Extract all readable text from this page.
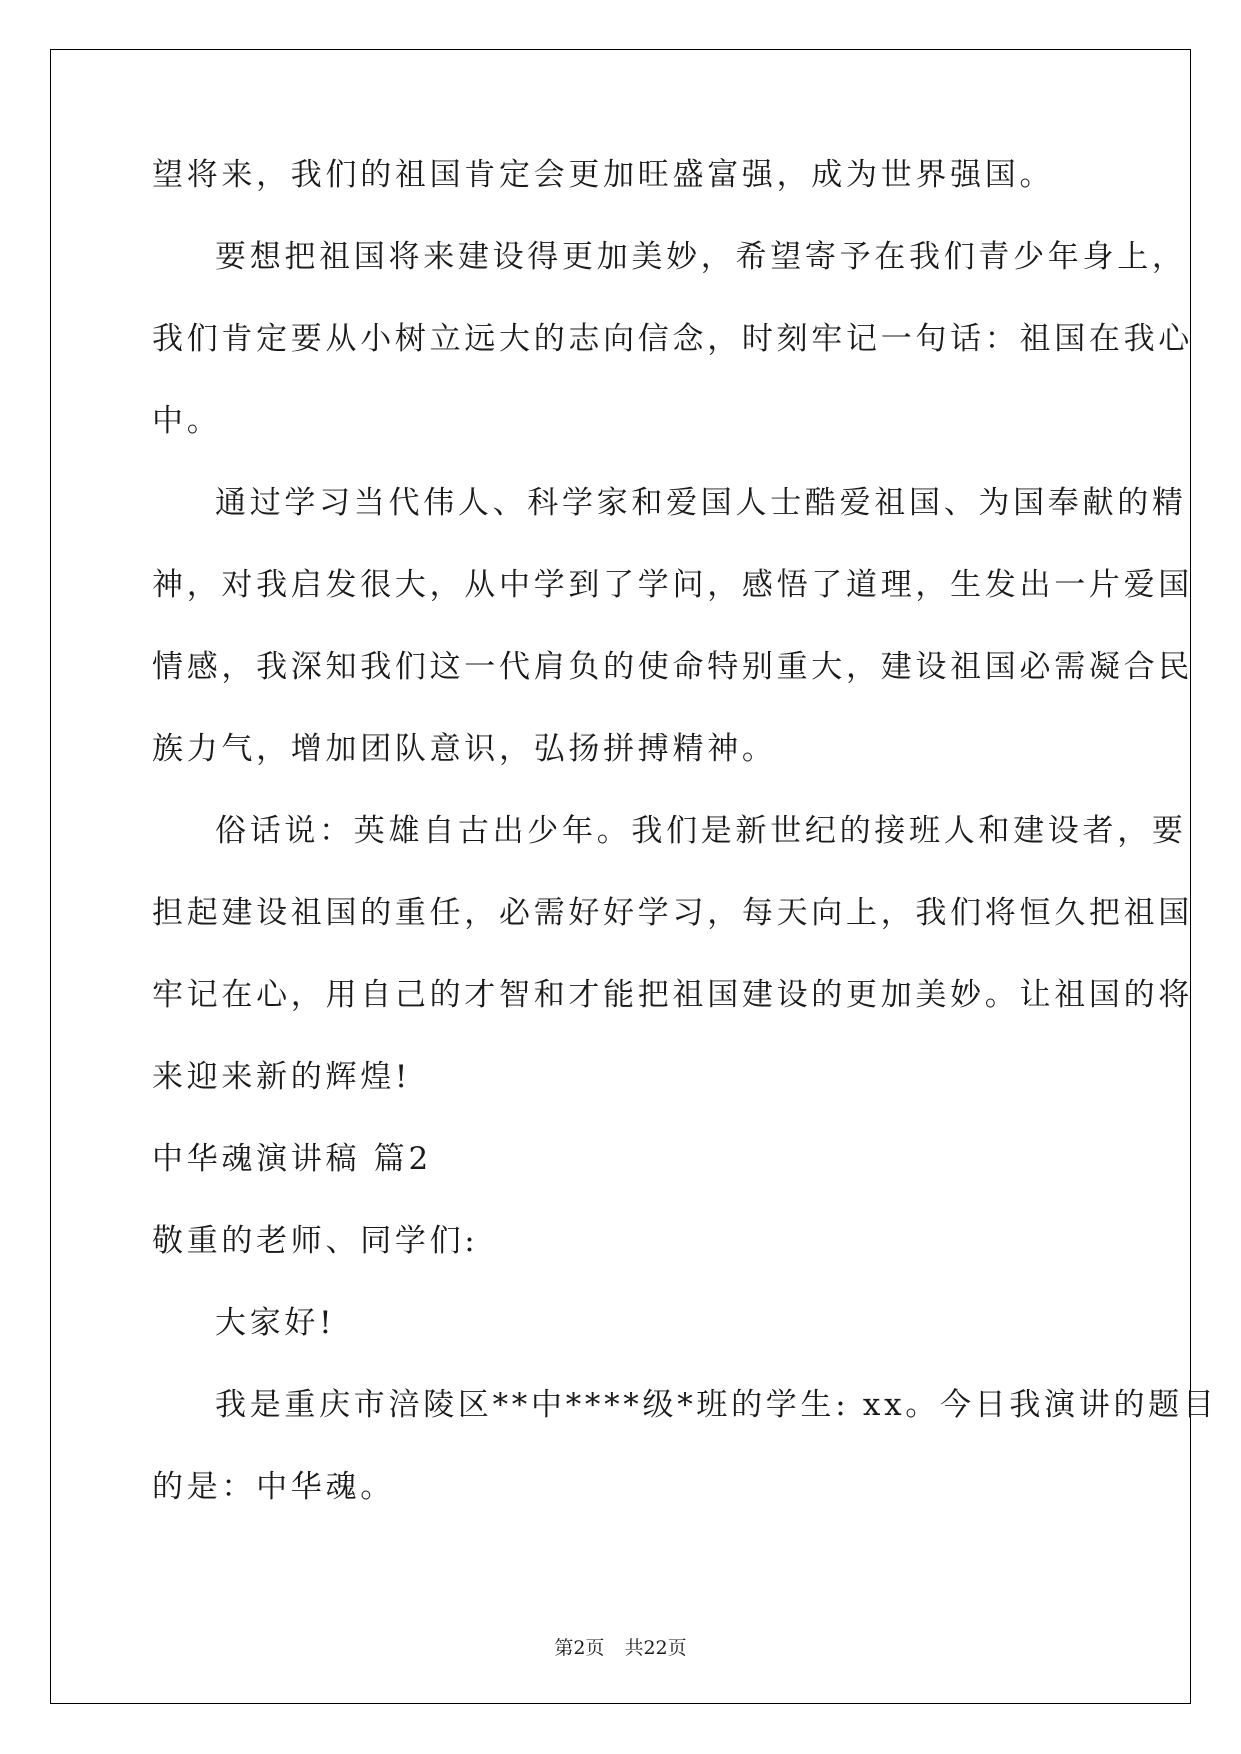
望将来，我们的祖国肯定会更加旺盛富强，成为世界强国。

要想把祖国将来建设得更加美妙，希望寄予在我们青少年身上，

我们肯定要从小树立远大的志向信念，时刻牢记一句话：祖国在我心

中。

通过学习当代伟人、科学家和爱国人士酷爱祖国、为国奉献的精

神，对我启发很大，从中学到了学问，感悟了道理，生发出一片爱国

情感，我深知我们这一代肩负的使命特别重大，建设祖国必需凝合民

族力气，增加团队意识，弘扬拼搏精神。

俗话说：英雄自古出少年。我们是新世纪的接班人和建设者，要

担起建设祖国的重任，必需好好学习，每天向上，我们将恒久把祖国

牢记在心，用自己的才智和才能把祖国建设的更加美妙。让祖国的将

来迎来新的辉煌!

中华魂演讲稿 篇2

敬重的老师、同学们:

大家好!

我是重庆市涪陵区**中****级*班的学生: xx。今日我演讲的题目

的是：中华魂。

第2页 共22页
